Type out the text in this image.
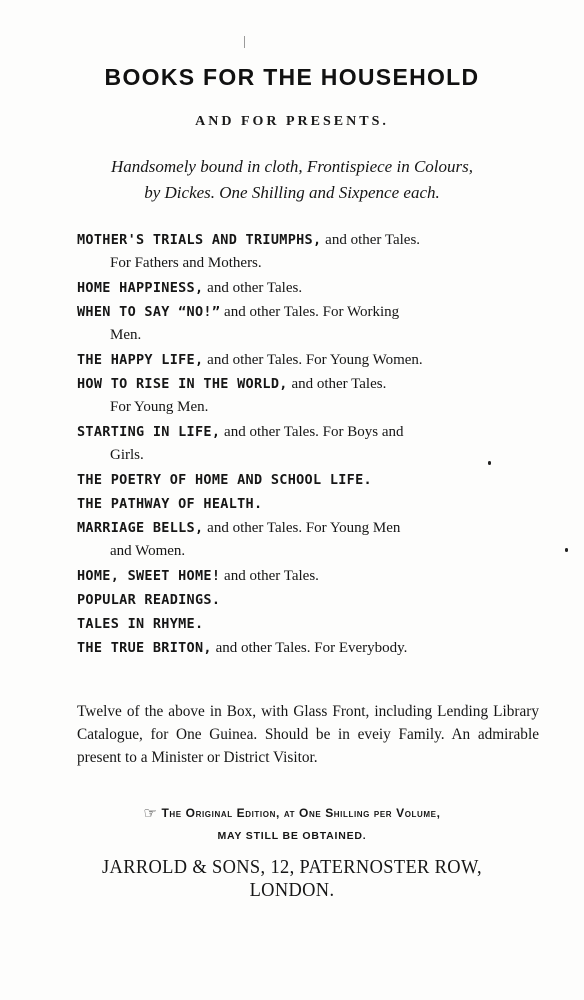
BOOKS FOR THE HOUSEHOLD
AND FOR PRESENTS.
Handsomely bound in cloth, Frontispiece in Colours,
by Dickes. One Shilling and Sixpence each.
MOTHER'S TRIALS AND TRIUMPHS, and other Tales.
For Fathers and Mothers.
HOME HAPPINESS, and other Tales.
WHEN TO SAY “NO!” and other Tales. For Working
Men.
THE HAPPY LIFE, and other Tales. For Young Women.
HOW TO RISE IN THE WORLD, and other Tales.
For Young Men.
STARTING IN LIFE, and other Tales. For Boys and
Girls.
THE POETRY OF HOME AND SCHOOL LIFE.
THE PATHWAY OF HEALTH.
MARRIAGE BELLS, and other Tales. For Young Men
and Women.
HOME, SWEET HOME! and other Tales.
POPULAR READINGS.
TALES IN RHYME.
THE TRUE BRITON, and other Tales. For Everybody.
Twelve of the above in Box, with Glass Front, including Lending Library Catalogue, for One Guinea. Should be in eveiy Family. An admirable present to a Minister or District Visitor.
☞ The Original Edition, at One Shilling per Volume,
MAY STILL BE OBTAINED.
JARROLD & SONS, 12, PATERNOSTER ROW, LONDON.
